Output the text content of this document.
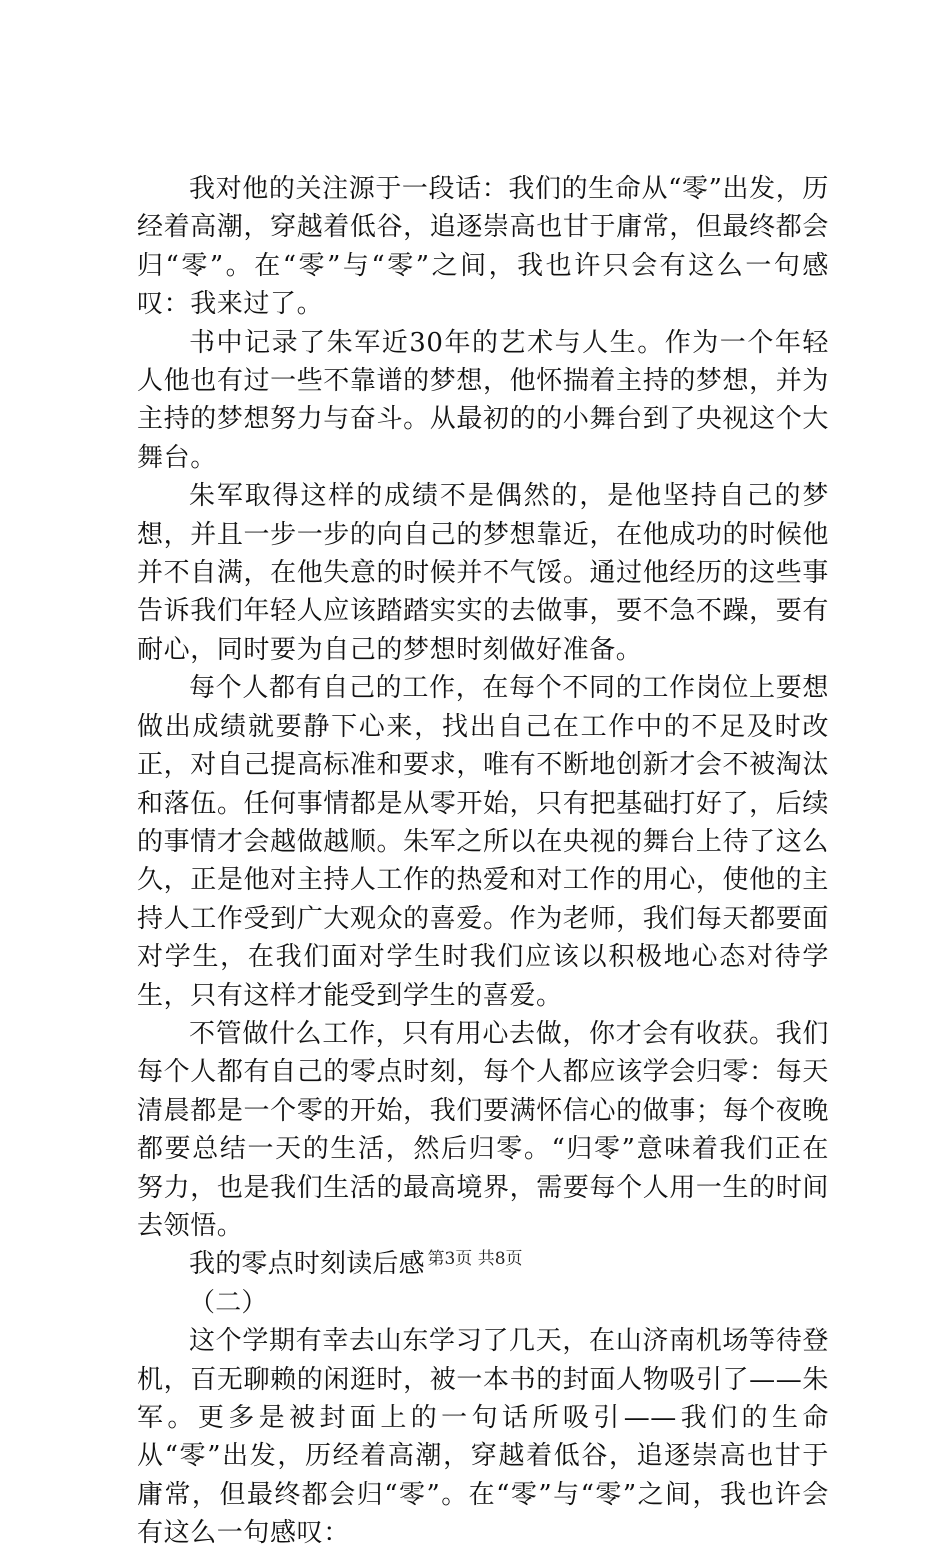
我对他的关注源于一段话：我们的生命从“零”出发，历经着高潮，穿越着低谷，追逐崇高也甘于庸常，但最终都会归“零”。在“零”与“零”之间，我也许只会有这么一句感叹：我来过了。

书中记录了朱军近30年的艺术与人生。作为一个年轻人他也有过一些不靠谱的梦想，他怀揣着主持的梦想，并为主持的梦想努力与奋斗。从最初的的小舞台到了央视这个大舞台。

朱军取得这样的成绩不是偶然的，是他坚持自己的梦想，并且一步一步的向自己的梦想靠近，在他成功的时候他并不自满，在他失意的时候并不气馁。通过他经历的这些事告诉我们年轻人应该踏踏实实的去做事，要不急不躁，要有耐心，同时要为自己的梦想时刻做好准备。

每个人都有自己的工作，在每个不同的工作岗位上要想做出成绩就要静下心来，找出自己在工作中的不足及时改正，对自己提高标准和要求，唯有不断地创新才会不被淘汰和落伍。任何事情都是从零开始，只有把基础打好了，后续的事情才会越做越顺。朱军之所以在央视的舞台上待了这么久，正是他对主持人工作的热爱和对工作的用心，使他的主持人工作受到广大观众的喜爱。作为老师，我们每天都要面对学生，在我们面对学生时我们应该以积极地心态对待学生，只有这样才能受到学生的喜爱。

不管做什么工作，只有用心去做，你才会有收获。我们每个人都有自己的零点时刻，每个人都应该学会归零：每天清晨都是一个零的开始，我们要满怀信心的做事；每个夜晚都要总结一天的生活，然后归零。“归零”意味着我们正在努力，也是我们生活的最高境界，需要每个人用一生的时间去领悟。

我的零点时刻读后感

（二）

这个学期有幸去山东学习了几天，在山济南机场等待登机，百无聊赖的闲逛时，被一本书的封面人物吸引了——朱军。更多是被封面上的一句话所吸引——我们的生命从“零”出发，历经着高潮，穿越着低谷，追逐崇高也甘于庸常，但最终都会归“零”。在“零”与“零”之间，我也许会有这么一句感叹：

第3页 共8页
